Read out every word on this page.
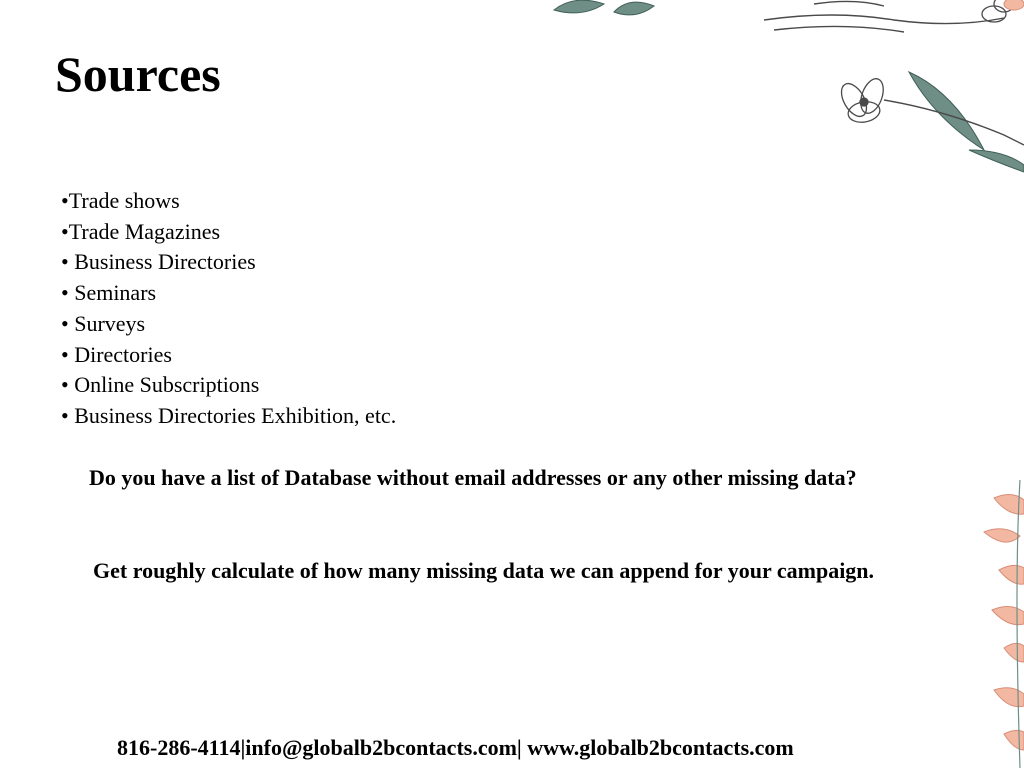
Sources
•Trade shows
•Trade Magazines
• Business Directories
• Seminars
• Surveys
• Directories
• Online Subscriptions
• Business Directories Exhibition, etc.

Do you have a list of Database without email addresses or any other missing data?

Get roughly calculate of how many missing data we can append for your campaign.

816-286-4114|info@globalb2bcontacts.com| www.globalb2bcontacts.com
